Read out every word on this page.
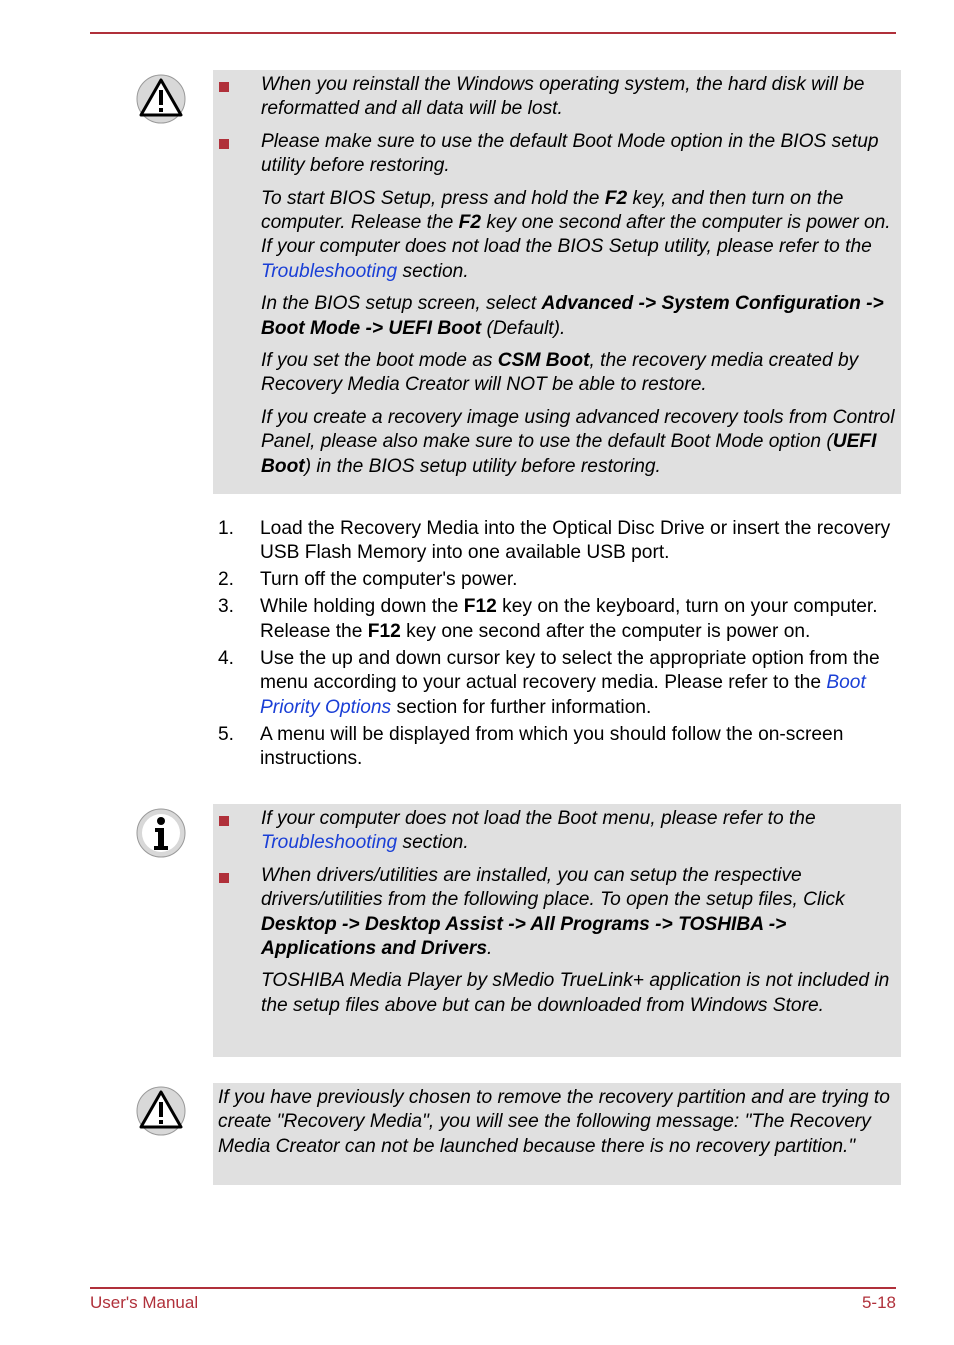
When you reinstall the Windows operating system, the hard disk will be reformatted and all data will be lost.

Please make sure to use the default Boot Mode option in the BIOS setup utility before restoring.

To start BIOS Setup, press and hold the F2 key, and then turn on the computer. Release the F2 key one second after the computer is power on. If your computer does not load the BIOS Setup utility, please refer to the Troubleshooting section.

In the BIOS setup screen, select Advanced -> System Configuration -> Boot Mode -> UEFI Boot (Default).

If you set the boot mode as CSM Boot, the recovery media created by Recovery Media Creator will NOT be able to restore.

If you create a recovery image using advanced recovery tools from Control Panel, please also make sure to use the default Boot Mode option (UEFI Boot) in the BIOS setup utility before restoring.

1. Load the Recovery Media into the Optical Disc Drive or insert the recovery USB Flash Memory into one available USB port.
2. Turn off the computer's power.
3. While holding down the F12 key on the keyboard, turn on your computer. Release the F12 key one second after the computer is power on.
4. Use the up and down cursor key to select the appropriate option from the menu according to your actual recovery media. Please refer to the Boot Priority Options section for further information.
5. A menu will be displayed from which you should follow the on-screen instructions.

If your computer does not load the Boot menu, please refer to the Troubleshooting section.

When drivers/utilities are installed, you can setup the respective drivers/utilities from the following place. To open the setup files, Click Desktop -> Desktop Assist -> All Programs -> TOSHIBA -> Applications and Drivers.

TOSHIBA Media Player by sMedio TrueLink+ application is not included in the setup files above but can be downloaded from Windows Store.

If you have previously chosen to remove the recovery partition and are trying to create "Recovery Media", you will see the following message: "The Recovery Media Creator can not be launched because there is no recovery partition."

User's Manual	5-18
